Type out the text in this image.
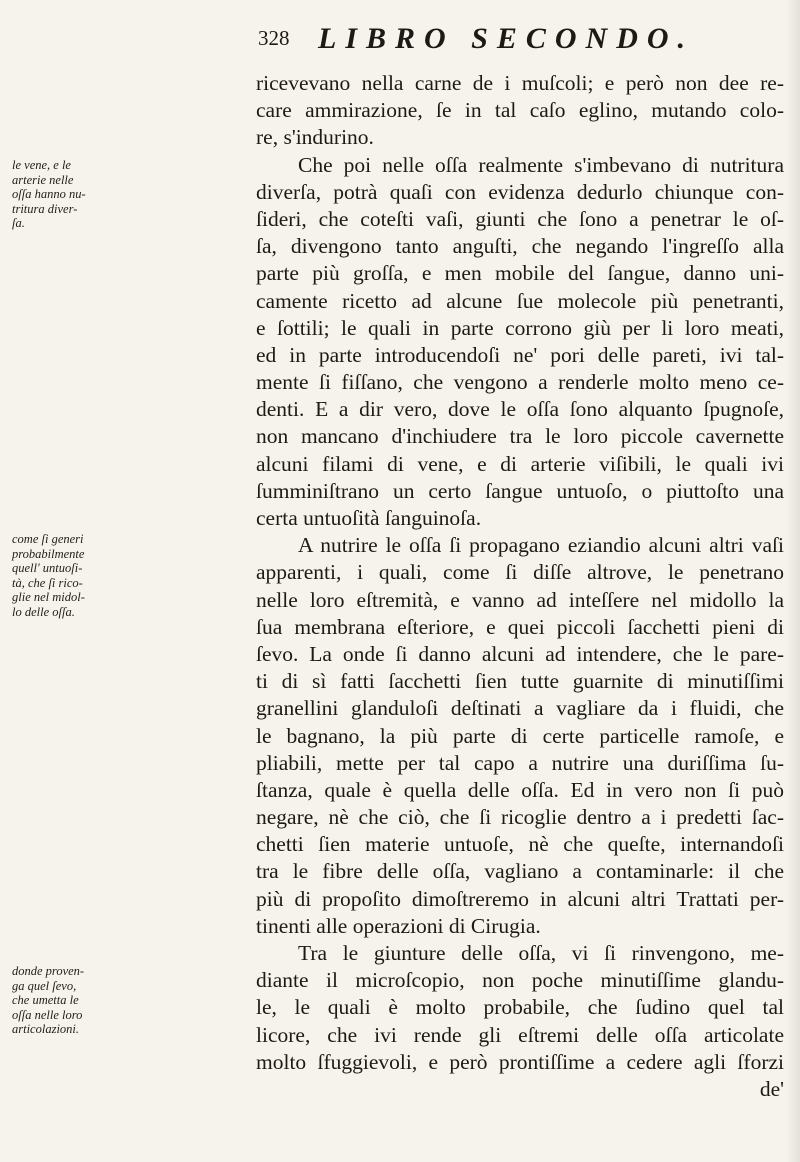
328 LIBRO SECONDO.
ricevevano nella carne de i muſcoli; e però non dee re-
care ammirazione, ſe in tal caſo eglino, mutando colo-
re, s'indurino.
Che poi nelle oſſa realmente s'imbevano di nutritura
diverſa, potrà quaſi con evidenza dedurlo chiunque con-
ſideri, che coteſti vaſi, giunti che ſono a penetrar le oſ-
ſa, divengono tanto anguſti, che negando l'ingreſſo alla
parte più groſſa, e men mobile del ſangue, danno uni-
camente ricetto ad alcune ſue molecole più penetranti,
e ſottili; le quali in parte corrono giù per li loro meati,
ed in parte introducendoſi ne' pori delle pareti, ivi tal-
mente ſi fiſſano, che vengono a renderle molto meno ce-
denti. E a dir vero, dove le oſſa ſono alquanto ſpugnoſe,
non mancano d'inchiudere tra le loro piccole cavernette
alcuni filami di vene, e di arterie viſibili, le quali ivi
ſumminiſtrano un certo ſangue untuoſo, o piuttoſto una
certa untuoſità ſanguinoſa.
A nutrire le oſſa ſi propagano eziandio alcuni altri vaſi
apparenti, i quali, come ſi diſſe altrove, le penetrano
nelle loro eſtremità, e vanno ad inteſſere nel midollo la
ſua membrana eſteriore, e quei piccoli ſacchetti pieni di
ſevo. La onde ſi danno alcuni ad intendere, che le pare-
ti di sì fatti ſacchetti ſien tutte guarnite di minutiſſimi
granellini glanduloſi deſtinati a vagliare da i fluidi, che
le bagnano, la più parte di certe particelle ramoſe, e
pliabili, mette per tal capo a nutrire una duriſſima ſu-
ſtanza, quale è quella delle oſſa. Ed in vero non ſi può
negare, nè che ciò, che ſi ricoglie dentro a i predetti ſac-
chetti ſien materie untuoſe, nè che queſte, internandoſi
tra le fibre delle oſſa, vagliano a contaminarle: il che
più di propoſito dimoſtreremo in alcuni altri Trattati per-
tinenti alle operazioni di Cirugia.
Tra le giunture delle oſſa, vi ſi rinvengono, me-
diante il microſcopio, non poche minutiſſime glandu-
le, le quali è molto probabile, che ſudino quel tal
licore, che ivi rende gli eſtremi delle oſſa articolate
molto ſfuggievoli, e però prontiſſime a cedere agli ſforzi
de'
le vene, e le
arterie nelle
oſſa hanno nu-
tritura diver-
ſa.
come ſi generi
probabilmente
quell' untuoſi-
tà, che ſi rico-
glie nel midol-
lo delle oſſa.
donde proven-
ga quel ſevo,
che umetta le
oſſa nelle loro
articolazioni.
